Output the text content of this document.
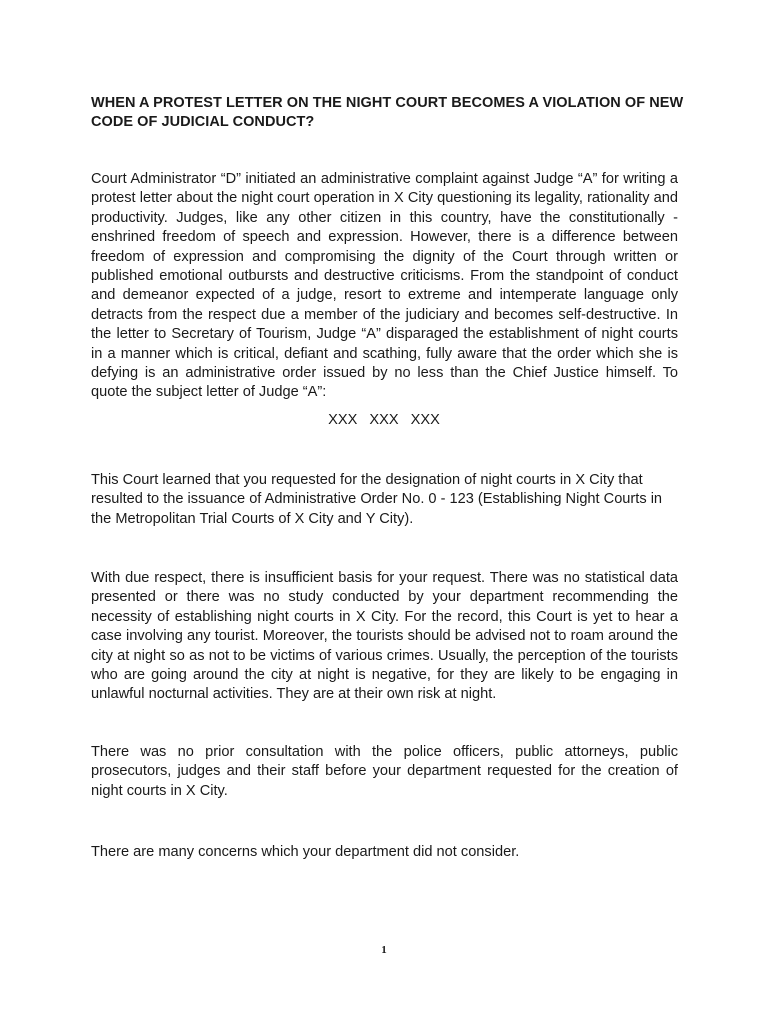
WHEN A PROTEST LETTER ON THE NIGHT COURT BECOMES A VIOLATION OF NEW CODE OF JUDICIAL CONDUCT?

Court Administrator “D” initiated an administrative complaint against Judge “A” for writing a protest letter about the night court operation in X City questioning its legality, rationality and productivity. Judges, like any other citizen in this country, have the constitutionally - enshrined freedom of speech and expression. However, there is a difference between freedom of expression and compromising the dignity of the Court through written or published emotional outbursts and destructive criticisms. From the standpoint of conduct and demeanor expected of a judge, resort to extreme and intemperate language only detracts from the respect due a member of the judiciary and becomes self-destructive. In the letter to Secretary of Tourism, Judge “A” disparaged the establishment of night courts in a manner which is critical, defiant and scathing, fully aware that the order which she is defying is an administrative order issued by no less than the Chief Justice himself. To quote the subject letter of Judge “A”:

XXX XXX XXX

This Court learned that you requested for the designation of night courts in X City that resulted to the issuance of Administrative Order No. 0 - 123 (Establishing Night Courts in the Metropolitan Trial Courts of X City and Y City).

With due respect, there is insufficient basis for your request. There was no statistical data presented or there was no study conducted by your department recommending the necessity of establishing night courts in X City. For the record, this Court is yet to hear a case involving any tourist. Moreover, the tourists should be advised not to roam around the city at night so as not to be victims of various crimes. Usually, the perception of the tourists who are going around the city at night is negative, for they are likely to be engaging in unlawful nocturnal activities. They are at their own risk at night.

There was no prior consultation with the police officers, public attorneys, public prosecutors, judges and their staff before your department requested for the creation of night courts in X City.

There are many concerns which your department did not consider.

1
